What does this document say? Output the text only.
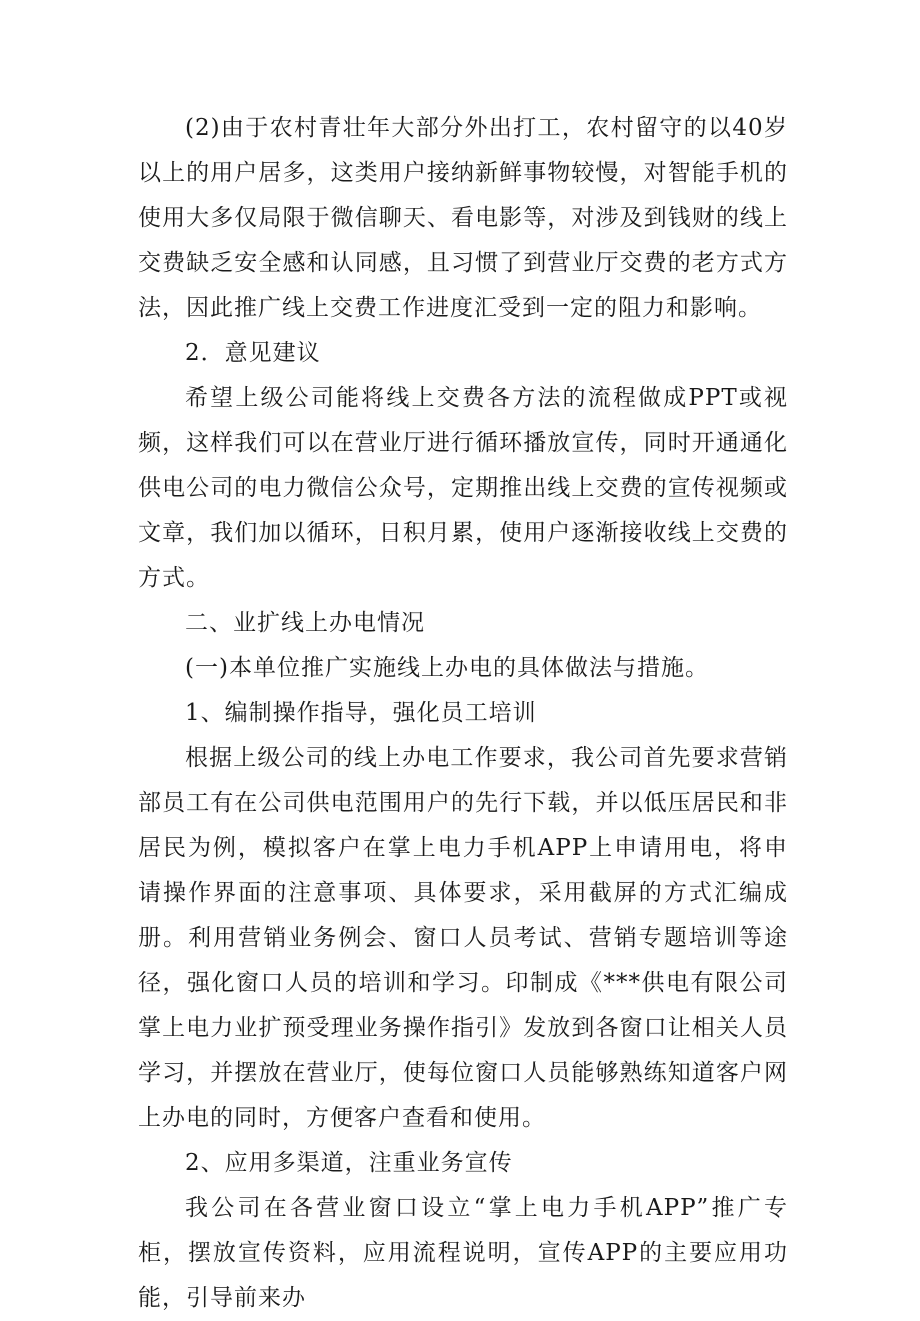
(2)由于农村青壮年大部分外出打工，农村留守的以40岁以上的用户居多，这类用户接纳新鲜事物较慢，对智能手机的使用大多仅局限于微信聊天、看电影等，对涉及到钱财的线上交费缺乏安全感和认同感，且习惯了到营业厅交费的老方式方法，因此推广线上交费工作进度汇受到一定的阻力和影响。

2．意见建议

希望上级公司能将线上交费各方法的流程做成PPT或视频，这样我们可以在营业厅进行循环播放宣传，同时开通通化供电公司的电力微信公众号，定期推出线上交费的宣传视频或文章，我们加以循环，日积月累，使用户逐渐接收线上交费的方式。

二、业扩线上办电情况

(一)本单位推广实施线上办电的具体做法与措施。

1、编制操作指导，强化员工培训

根据上级公司的线上办电工作要求，我公司首先要求营销部员工有在公司供电范围用户的先行下载，并以低压居民和非居民为例，模拟客户在掌上电力手机APP上申请用电，将申请操作界面的注意事项、具体要求，采用截屏的方式汇编成册。利用营销业务例会、窗口人员考试、营销专题培训等途径，强化窗口人员的培训和学习。印制成《***供电有限公司掌上电力业扩预受理业务操作指引》发放到各窗口让相关人员学习，并摆放在营业厅，使每位窗口人员能够熟练知道客户网上办电的同时，方便客户查看和使用。

2、应用多渠道，注重业务宣传

我公司在各营业窗口设立“掌上电力手机APP”推广专柜，摆放宣传资料，应用流程说明，宣传APP的主要应用功能，引导前来办
